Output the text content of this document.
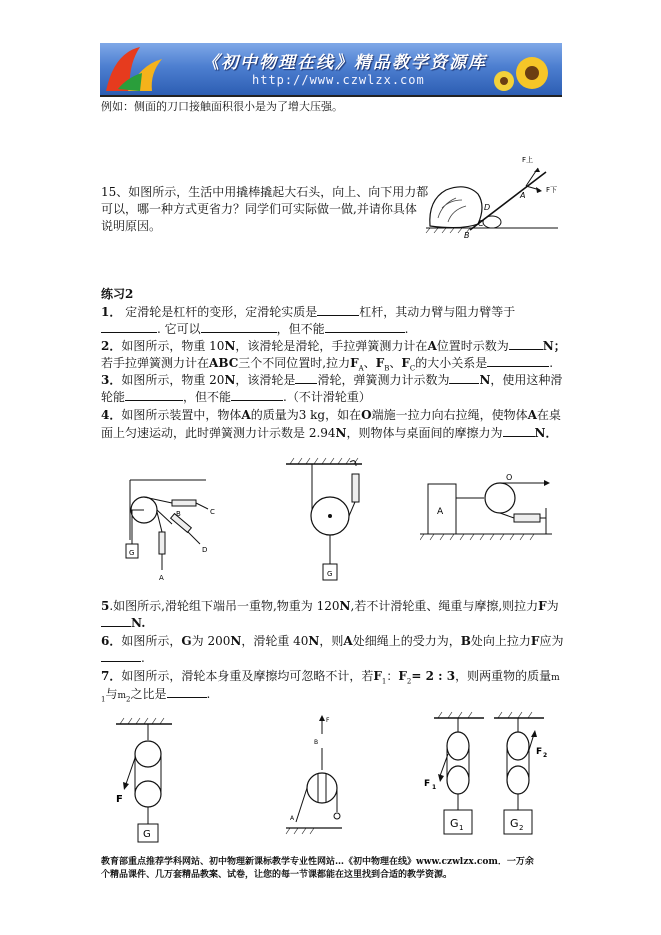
《初中物理在线》精品教学资源库
http://www.czwlzx.com
例如：侧面的刀口接触面积很小是为了增大压强。
15、如图所示，生活中用撬棒撬起大石头，向上、向下用力都
可以，哪一种方式更省力？同学们可实际做一做,并请你具体
说明原因。
F上
F下
A
B
C
D
练习2
1． 定滑轮是杠杆的变形，定滑轮实质是	杠杆，其动力臂与阻力臂等于
. 它可以	，但不能	.
2．如图所示，物重 10N，该滑轮是滑轮，手拉弹簧测力计在A位置时示数为	N；
若手拉弹簧测力计在ABC三个不同位置时,拉力$F_A$、$F_B$、$F_C$的大小关系是	.
3．如图所示，物重 20N，该滑轮是 滑轮，弹簧测力计示数为	N，使用这种滑
轮能	，但不能	.（不计滑轮重）
4．如图所示装置中，物体A的质量为3 kg，如在O端施一拉力向右拉绳，使物体A在桌
面上匀速运动，此时弹簧测力计示数是 2.94N，则物体与桌面间的摩擦力为	N．
G
C
D
A
B
G
A
O
5.如图所示,滑轮组下端吊一重物,物重为 120N,若不计滑轮重、绳重与摩擦,则拉力F为
N.
6．如图所示，G为 200N，滑轮重 40N，则A处细绳上的受力为，B处向上拉力F应为
.
7．如图所示，滑轮本身重及摩擦均可忽略不计，若$F_1$：$F_2= 2$ : 3，则两重物的质量m
$_1$与$m_2$之比是	.
F
G
F
B
A
F 1
G 1
F 2
G 2
教育部重点推荐学科网站、初中物理新课标教学专业性网站…《初中物理在线》www.czwlzx.com．一万余
个精品课件、几万套精品教案、试卷，让您的每一节课都能在这里找到合适的教学资源。
